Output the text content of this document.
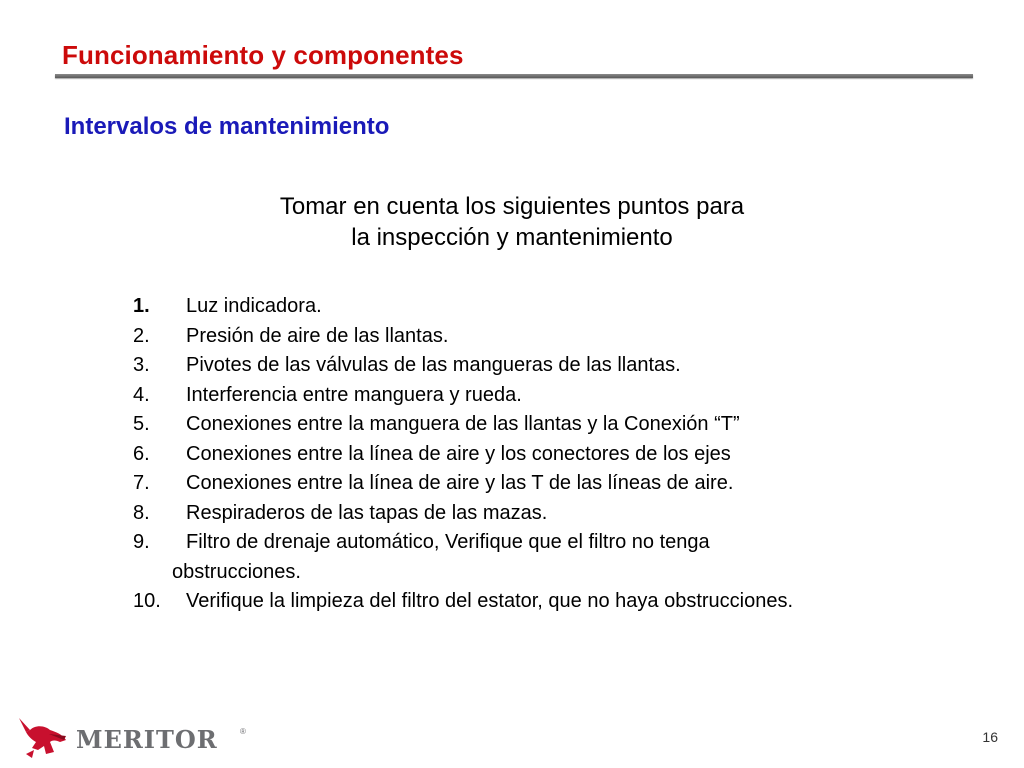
Funcionamiento y componentes
Intervalos de mantenimiento
Tomar en cuenta los siguientes puntos para
la inspección y mantenimiento
1. Luz indicadora.
2. Presión de aire de las llantas.
3. Pivotes de las válvulas de las mangueras de las llantas.
4. Interferencia entre manguera y rueda.
5. Conexiones entre la manguera de las llantas y la Conexión “T”
6. Conexiones entre la línea de aire y los conectores de los ejes
7. Conexiones entre la línea de aire y las T de las líneas de aire.
8. Respiraderos de las tapas de las mazas.
9. Filtro de drenaje automático, Verifique que el filtro no tenga
obstrucciones.
10. Verifique la limpieza del filtro del estator, que no haya obstrucciones.
MERITOR	®	16
